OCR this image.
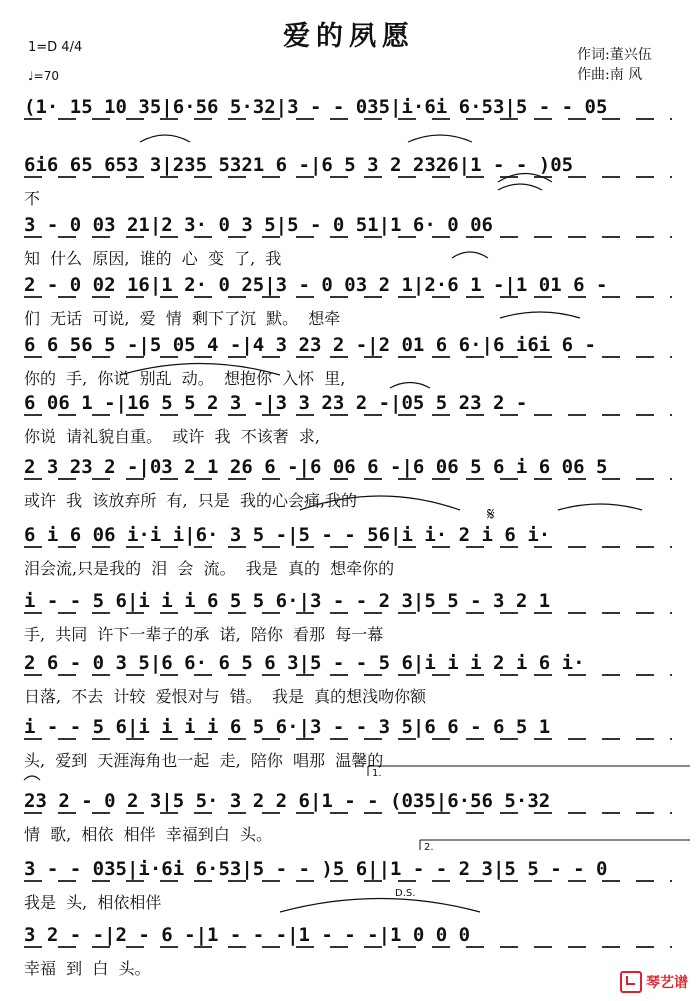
爱的夙愿
1=D 4/4
♩=70
作词:董兴伍
作曲:南 风
(1· 15 10 35|6·56 5·32|3 - - 035|i·6i 6·53|5 - - 05
6i6 65 653 3|235 5321 6 -|6 5 3 2 2326|1 - - )05
不
3 - 0 03 21|2 3· 0 3 5|5 - 0 51|1 6· 0 06
知  什么  原因,  谁的  心  变  了,  我
2 - 0 02 16|1 2· 0 25|3 - 0 03 2 1|2·6 1 -|1 01 6 -
们  无话  可说,  爱  情  剩下了沉  默。  想牵
6 6 56 5 -|5 05 4 -|4 3 23 2 -|2 01 6 6·|6 i6i 6 -
你的  手,  你说  别乱  动。  想抱你  入怀  里,
6 06 1 -|16 5 5 2 3 -|3 3 23 2 -|05 5 23 2 -
你说  请礼貌自重。  或许  我  不该奢  求,
2 3 23 2 -|03 2 1 26 6 -|6 06 6 -|6 06 5 6 i 6 06 5
或许  我  该放弃所  有,  只是  我的心会痛,我的
6 i 6 06 i·i i|6· 3 5 -|5 - - 56|i i· 2 i 6 i·
泪会流,只是我的  泪  会  流。  我是  真的  想牵你的
i - - 5 6|i i i 6 5 5 6·|3 - - 2 3|5 5 - 3 2 1
手,  共同  许下一辈子的承  诺,  陪你  看那  每一幕
2 6 - 0 3 5|6 6· 6 5 6 3|5 - - 5 6|i i i 2 i 6 i·
日落,  不去  计较  爱恨对与  错。  我是  真的想浅吻你额
i - - 5 6|i i i i 6 5 6·|3 - - 3 5|6 6 - 6 5 1
头,  爱到  天涯海角也一起  走,  陪你  唱那  温馨的
23 2 - 0 2 3|5 5· 3 2 2 6|1 - - (035|6·56 5·32
情  歌,  相依  相伴  幸福到白  头。
3 - - 035|i·6i 6·53|5 - - )5 6||1 - - 2 3|5 5 - - 0
我是  头,  相依相伴
3 2 - -|2 - 6 -|1 - - -|1 - - -|1 0 0 0
幸福  到  白  头。
𝄋
D.S.
1.
2.
琴艺谱
